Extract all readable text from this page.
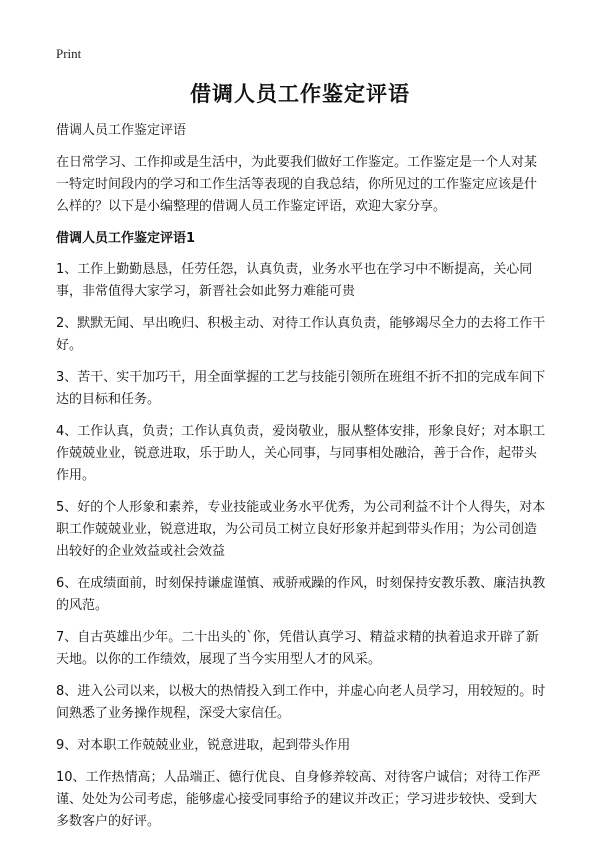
Print
借调人员工作鉴定评语

借调人员工作鉴定评语

在日常学习、工作抑或是生活中，为此要我们做好工作鉴定。工作鉴定是一个人对某一特定时间段内的学习和工作生活等表现的自我总结，你所见过的工作鉴定应该是什么样的？以下是小编整理的借调人员工作鉴定评语，欢迎大家分享。

借调人员工作鉴定评语1

1、工作上勤勤恳恳，任劳任怨，认真负责，业务水平也在学习中不断提高，关心同事，非常值得大家学习，新晋社会如此努力难能可贵

2、默默无闻、早出晚归、积极主动、对待工作认真负责，能够竭尽全力的去将工作干好。

3、苦干、实干加巧干，用全面掌握的工艺与技能引领所在班组不折不扣的完成车间下达的目标和任务。

4、工作认真，负责；工作认真负责，爱岗敬业，服从整体安排，形象良好；对本职工作兢兢业业，锐意进取，乐于助人，关心同事，与同事相处融洽，善于合作，起带头作用。

5、好的个人形象和素养，专业技能或业务水平优秀，为公司利益不计个人得失，对本职工作兢兢业业，锐意进取，为公司员工树立良好形象并起到带头作用；为公司创造出较好的企业效益或社会效益

6、在成绩面前，时刻保持谦虚谨慎、戒骄戒躁的作风，时刻保持安教乐教、廉洁执教的风范。

7、自古英雄出少年。二十出头的`你，凭借认真学习、精益求精的执着追求开辟了新天地。以你的工作绩效，展现了当今实用型人才的风采。

8、进入公司以来，以极大的热情投入到工作中，并虚心向老人员学习，用较短的。时间熟悉了业务操作规程，深受大家信任。

9、对本职工作兢兢业业，锐意进取，起到带头作用

10、工作热情高；人品端正、德行优良、自身修养较高、对待客户诚信；对待工作严谨、处处为公司考虑，能够虚心接受同事给予的建议并改正；学习进步较快、受到大多数客户的好评。
